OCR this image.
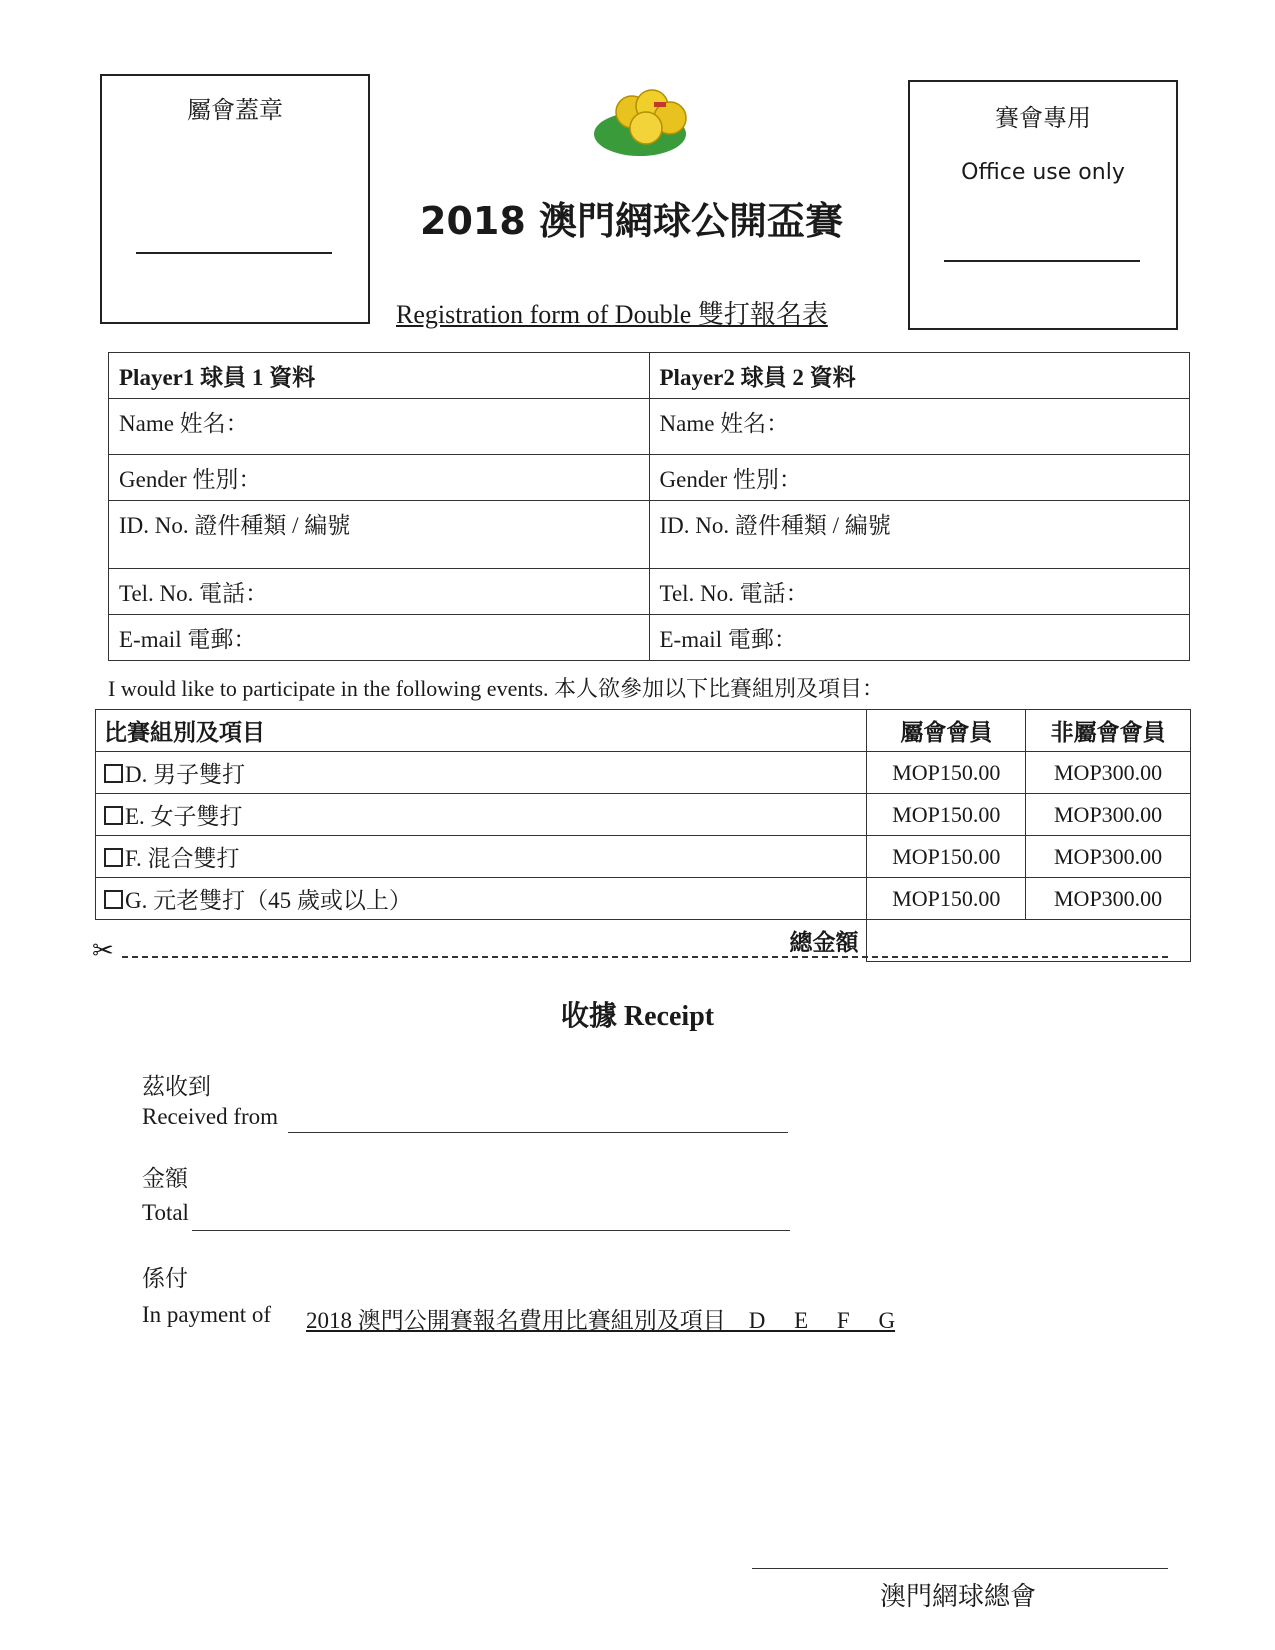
屬會蓋章
2018 澳門網球公開盃賽
Registration form of Double 雙打報名表
賽會專用
Office use only
Player1 球員 1 資料	Player2 球員 2 資料
Name 姓名：	Name 姓名：
Gender 性別：	Gender 性別：
ID. No. 證件種類 / 編號	ID. No. 證件種類 / 編號
Tel. No. 電話：	Tel. No. 電話：
E-mail 電郵：	E-mail 電郵：
I would like to participate in the following events. 本人欲參加以下比賽組別及項目：
比賽組別及項目	屬會會員	非屬會會員
D. 男子雙打	MOP150.00	MOP300.00
E. 女子雙打	MOP150.00	MOP300.00
F. 混合雙打	MOP150.00	MOP300.00
G. 元老雙打（45 歲或以上）	MOP150.00	MOP300.00
總金額		
✂
收據 Receipt
茲收到
Received from
金額
Total
係付
In payment of 2018 澳門公開賽報名費用比賽組別及項目    D     E     F     G
澳門網球總會
